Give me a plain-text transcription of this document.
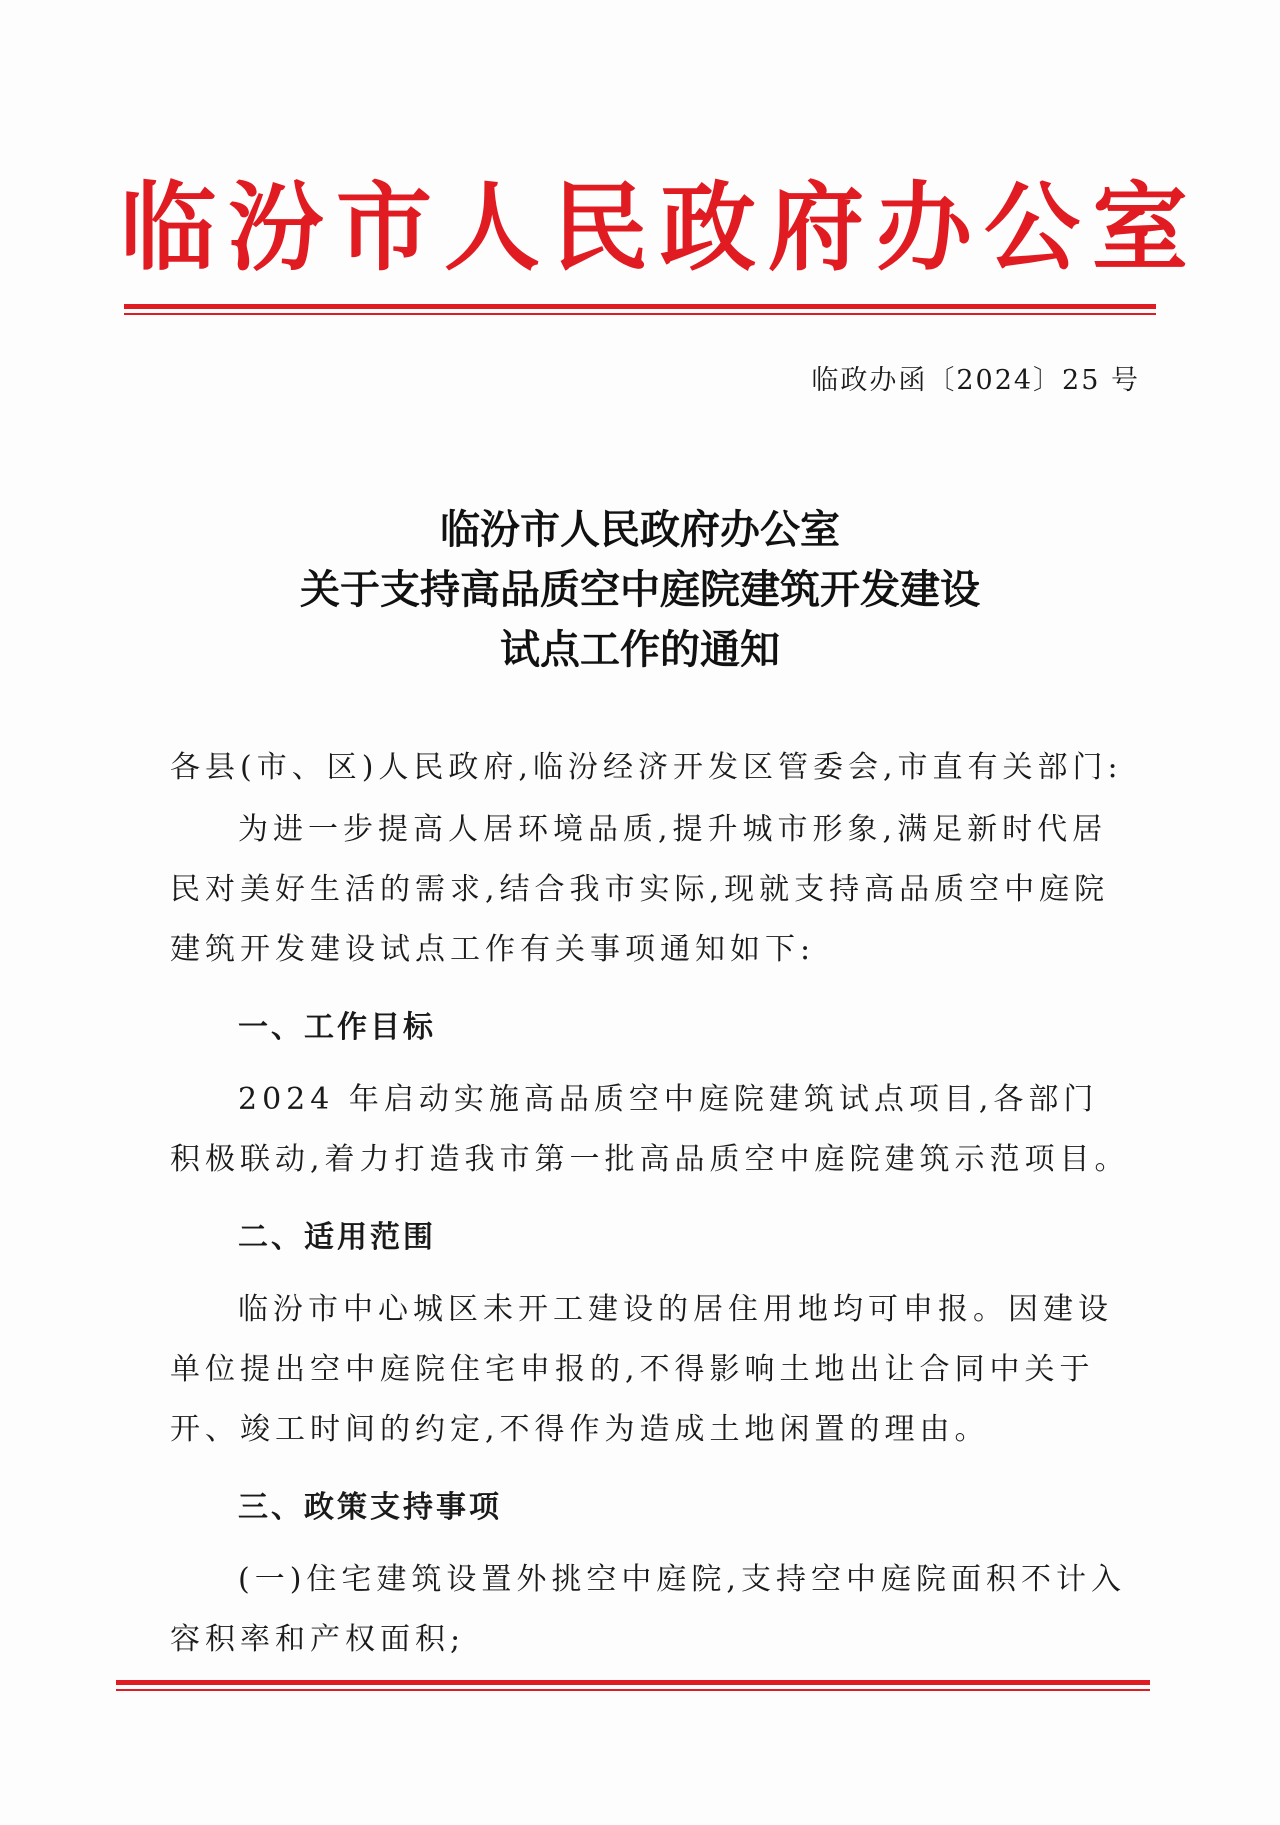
临汾市人民政府办公室
临政办函〔2024〕25 号
临汾市人民政府办公室
关于支持高品质空中庭院建筑开发建设
试点工作的通知

各县(市、区)人民政府,临汾经济开发区管委会,市直有关部门:

为进一步提高人居环境品质,提升城市形象,满足新时代居民对美好生活的需求,结合我市实际,现就支持高品质空中庭院建筑开发建设试点工作有关事项通知如下:

一、工作目标

2024 年启动实施高品质空中庭院建筑试点项目,各部门积极联动,着力打造我市第一批高品质空中庭院建筑示范项目。

二、适用范围

临汾市中心城区未开工建设的居住用地均可申报。因建设单位提出空中庭院住宅申报的,不得影响土地出让合同中关于开、竣工时间的约定,不得作为造成土地闲置的理由。

三、政策支持事项

(一)住宅建筑设置外挑空中庭院,支持空中庭院面积不计入容积率和产权面积;
